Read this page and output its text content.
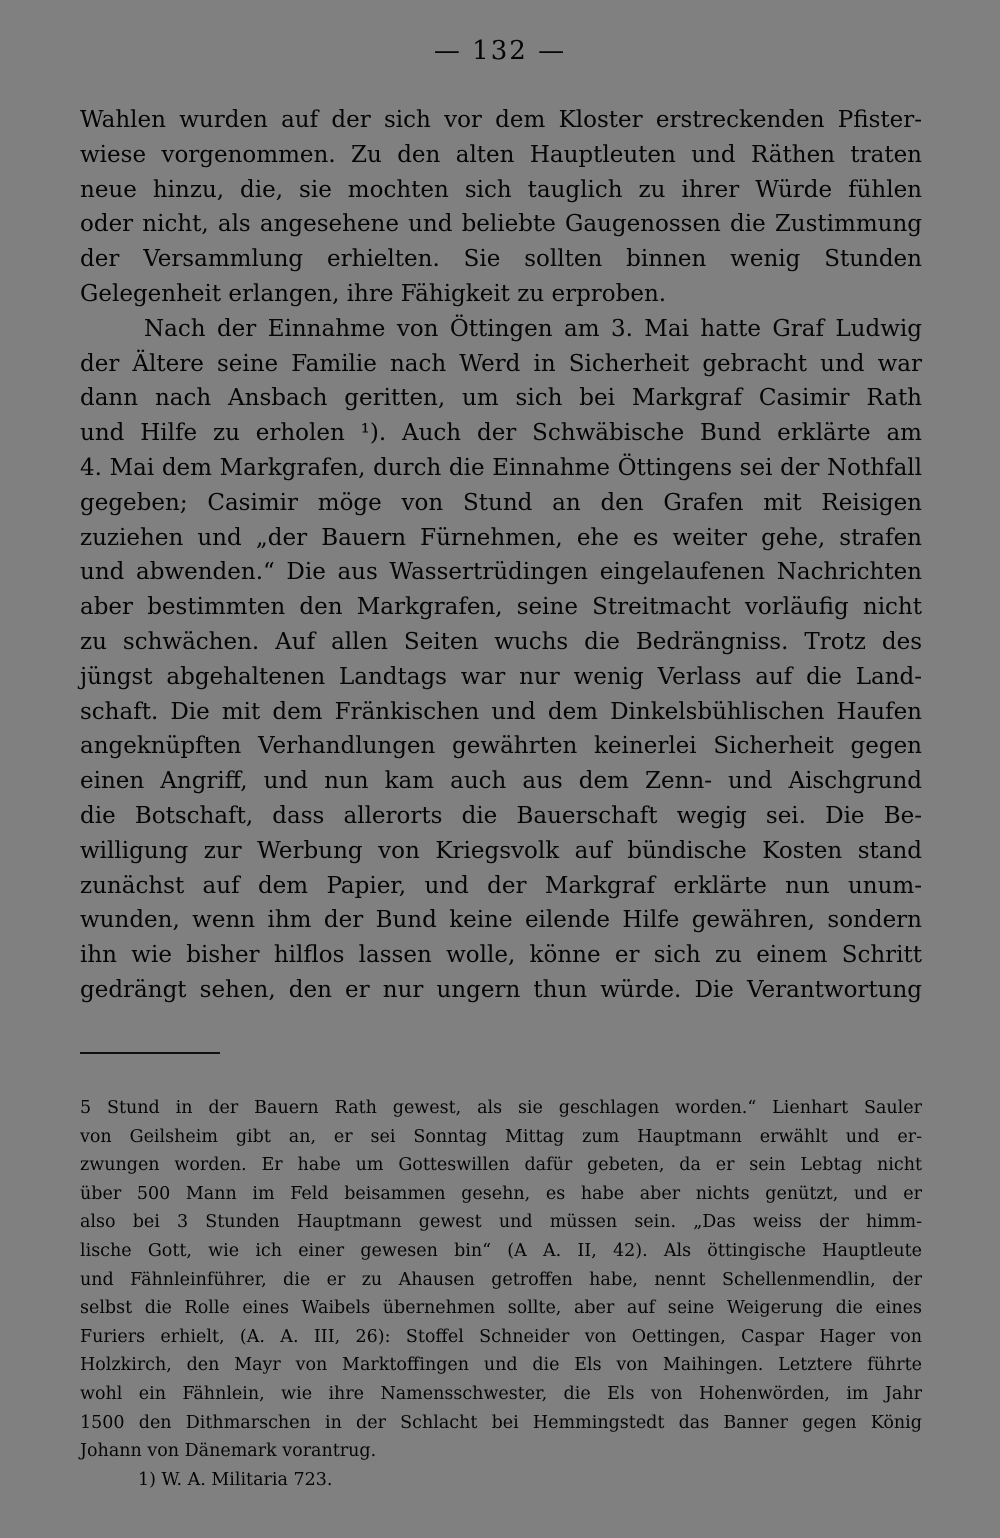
— 132 —
Wahlen wurden auf der sich vor dem Kloster erstreckenden Pfister-
wiese vorgenommen. Zu den alten Hauptleuten und Räthen traten
neue hinzu, die, sie mochten sich tauglich zu ihrer Würde fühlen
oder nicht, als angesehene und beliebte Gaugenossen die Zustimmung
der Versammlung erhielten. Sie sollten binnen wenig Stunden
Gelegenheit erlangen, ihre Fähigkeit zu erproben.
Nach der Einnahme von Öttingen am 3. Mai hatte Graf Ludwig
der Ältere seine Familie nach Werd in Sicherheit gebracht und war
dann nach Ansbach geritten, um sich bei Markgraf Casimir Rath
und Hilfe zu erholen ¹). Auch der Schwäbische Bund erklärte am
4. Mai dem Markgrafen, durch die Einnahme Öttingens sei der Nothfall
gegeben; Casimir möge von Stund an den Grafen mit Reisigen
zuziehen und „der Bauern Fürnehmen, ehe es weiter gehe, strafen
und abwenden.“ Die aus Wassertrüdingen eingelaufenen Nachrichten
aber bestimmten den Markgrafen, seine Streitmacht vorläufig nicht
zu schwächen. Auf allen Seiten wuchs die Bedrängniss. Trotz des
jüngst abgehaltenen Landtags war nur wenig Verlass auf die Land-
schaft. Die mit dem Fränkischen und dem Dinkelsbühlischen Haufen
angeknüpften Verhandlungen gewährten keinerlei Sicherheit gegen
einen Angriff, und nun kam auch aus dem Zenn- und Aischgrund
die Botschaft, dass allerorts die Bauerschaft wegig sei. Die Be-
willigung zur Werbung von Kriegsvolk auf bündische Kosten stand
zunächst auf dem Papier, und der Markgraf erklärte nun unum-
wunden, wenn ihm der Bund keine eilende Hilfe gewähren, sondern
ihn wie bisher hilflos lassen wolle, könne er sich zu einem Schritt
gedrängt sehen, den er nur ungern thun würde. Die Verantwortung
5 Stund in der Bauern Rath gewest, als sie geschlagen worden.“ Lienhart Sauler
von Geilsheim gibt an, er sei Sonntag Mittag zum Hauptmann erwählt und er-
zwungen worden. Er habe um Gotteswillen dafür gebeten, da er sein Lebtag nicht
über 500 Mann im Feld beisammen gesehn, es habe aber nichts genützt, und er
also bei 3 Stunden Hauptmann gewest und müssen sein. „Das weiss der himm-
lische Gott, wie ich einer gewesen bin“ (A A. II, 42). Als öttingische Hauptleute
und Fähnleinführer, die er zu Ahausen getroffen habe, nennt Schellenmendlin, der
selbst die Rolle eines Waibels übernehmen sollte, aber auf seine Weigerung die eines
Furiers erhielt, (A. A. III, 26): Stoffel Schneider von Oettingen, Caspar Hager von
Holzkirch, den Mayr von Marktoffingen und die Els von Maihingen. Letztere führte
wohl ein Fähnlein, wie ihre Namensschwester, die Els von Hohenwörden, im Jahr
1500 den Dithmarschen in der Schlacht bei Hemmingstedt das Banner gegen König
Johann von Dänemark vorantrug.
1) W. A. Militaria 723.
